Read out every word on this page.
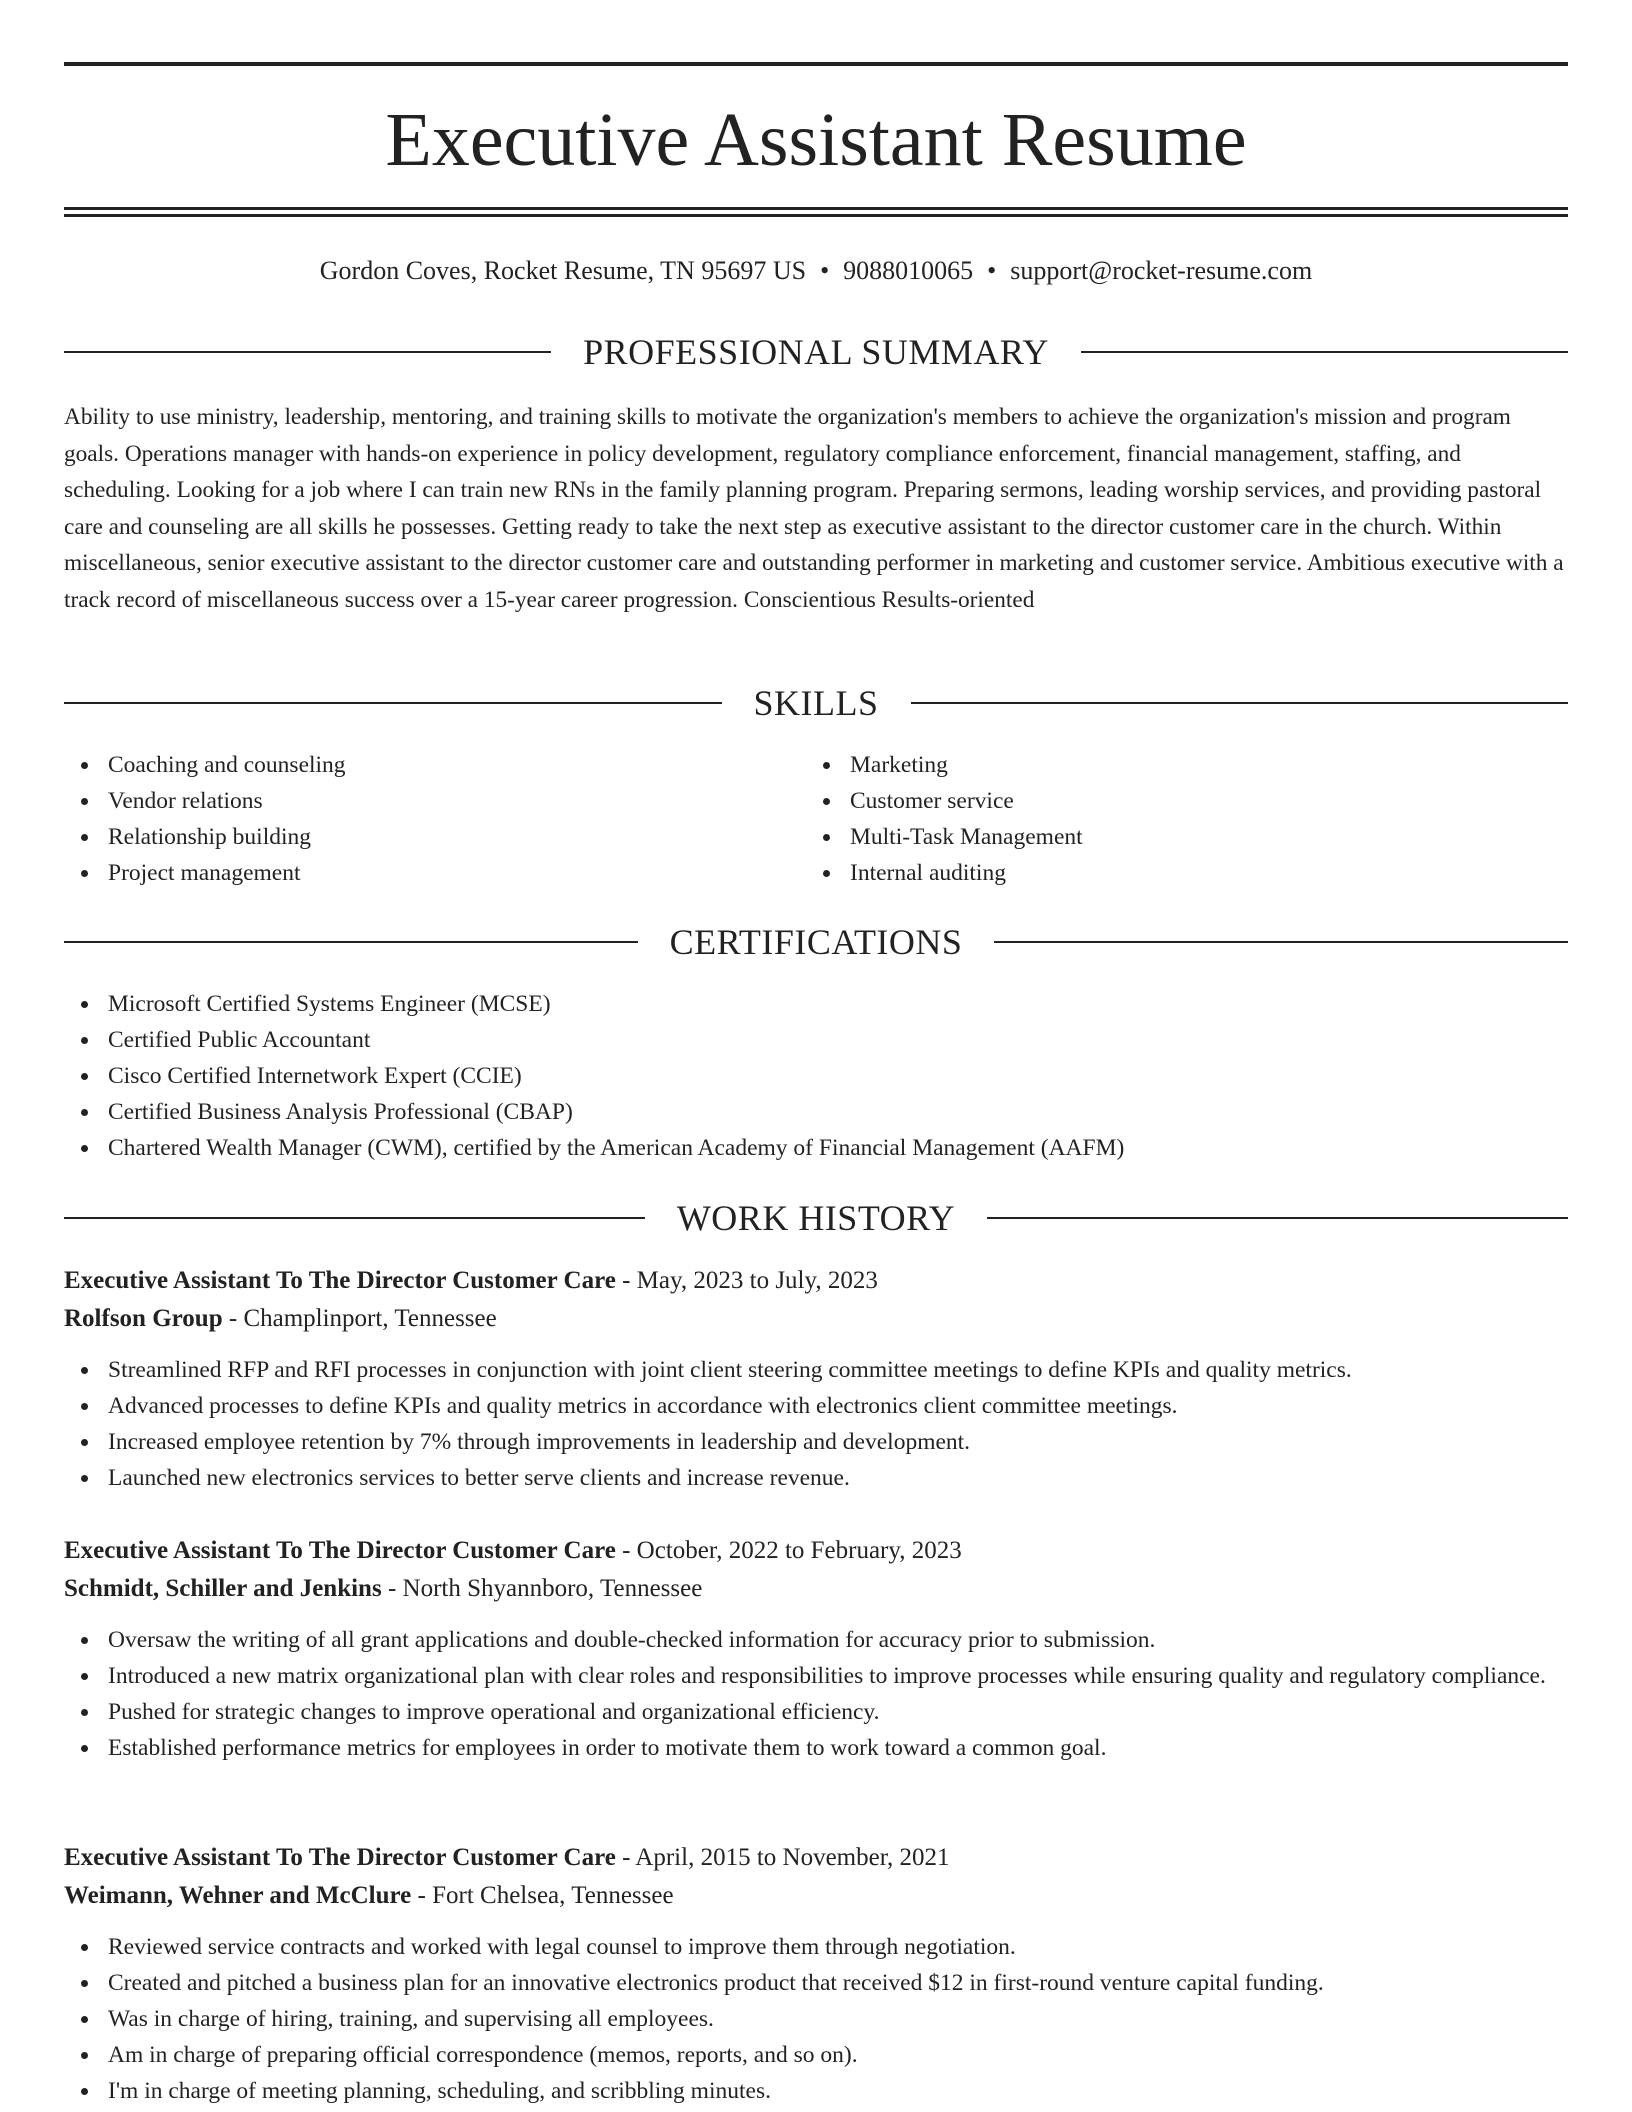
Executive Assistant Resume
Gordon Coves, Rocket Resume, TN 95697 US • 9088010065 • support@rocket-resume.com
PROFESSIONAL SUMMARY

Ability to use ministry, leadership, mentoring, and training skills to motivate the organization's members to achieve the organization's mission and program goals. Operations manager with hands-on experience in policy development, regulatory compliance enforcement, financial management, staffing, and scheduling. Looking for a job where I can train new RNs in the family planning program. Preparing sermons, leading worship services, and providing pastoral care and counseling are all skills he possesses. Getting ready to take the next step as executive assistant to the director customer care in the church. Within miscellaneous, senior executive assistant to the director customer care and outstanding performer in marketing and customer service. Ambitious executive with a track record of miscellaneous success over a 15-year career progression. Conscientious Results-oriented

SKILLS
Coaching and counseling
Vendor relations
Relationship building
Project management
Marketing
Customer service
Multi-Task Management
Internal auditing
CERTIFICATIONS
Microsoft Certified Systems Engineer (MCSE)
Certified Public Accountant
Cisco Certified Internetwork Expert (CCIE)
Certified Business Analysis Professional (CBAP)
Chartered Wealth Manager (CWM), certified by the American Academy of Financial Management (AAFM)
WORK HISTORY
Executive Assistant To The Director Customer Care - May, 2023 to July, 2023
Rolfson Group - Champlinport, Tennessee
Streamlined RFP and RFI processes in conjunction with joint client steering committee meetings to define KPIs and quality metrics.
Advanced processes to define KPIs and quality metrics in accordance with electronics client committee meetings.
Increased employee retention by 7% through improvements in leadership and development.
Launched new electronics services to better serve clients and increase revenue.
Executive Assistant To The Director Customer Care - October, 2022 to February, 2023
Schmidt, Schiller and Jenkins - North Shyannboro, Tennessee
Oversaw the writing of all grant applications and double-checked information for accuracy prior to submission.
Introduced a new matrix organizational plan with clear roles and responsibilities to improve processes while ensuring quality and regulatory compliance.
Pushed for strategic changes to improve operational and organizational efficiency.
Established performance metrics for employees in order to motivate them to work toward a common goal.
Executive Assistant To The Director Customer Care - April, 2015 to November, 2021
Weimann, Wehner and McClure - Fort Chelsea, Tennessee
Reviewed service contracts and worked with legal counsel to improve them through negotiation.
Created and pitched a business plan for an innovative electronics product that received $12 in first-round venture capital funding.
Was in charge of hiring, training, and supervising all employees.
Am in charge of preparing official correspondence (memos, reports, and so on).
I'm in charge of meeting planning, scheduling, and scribbling minutes.
